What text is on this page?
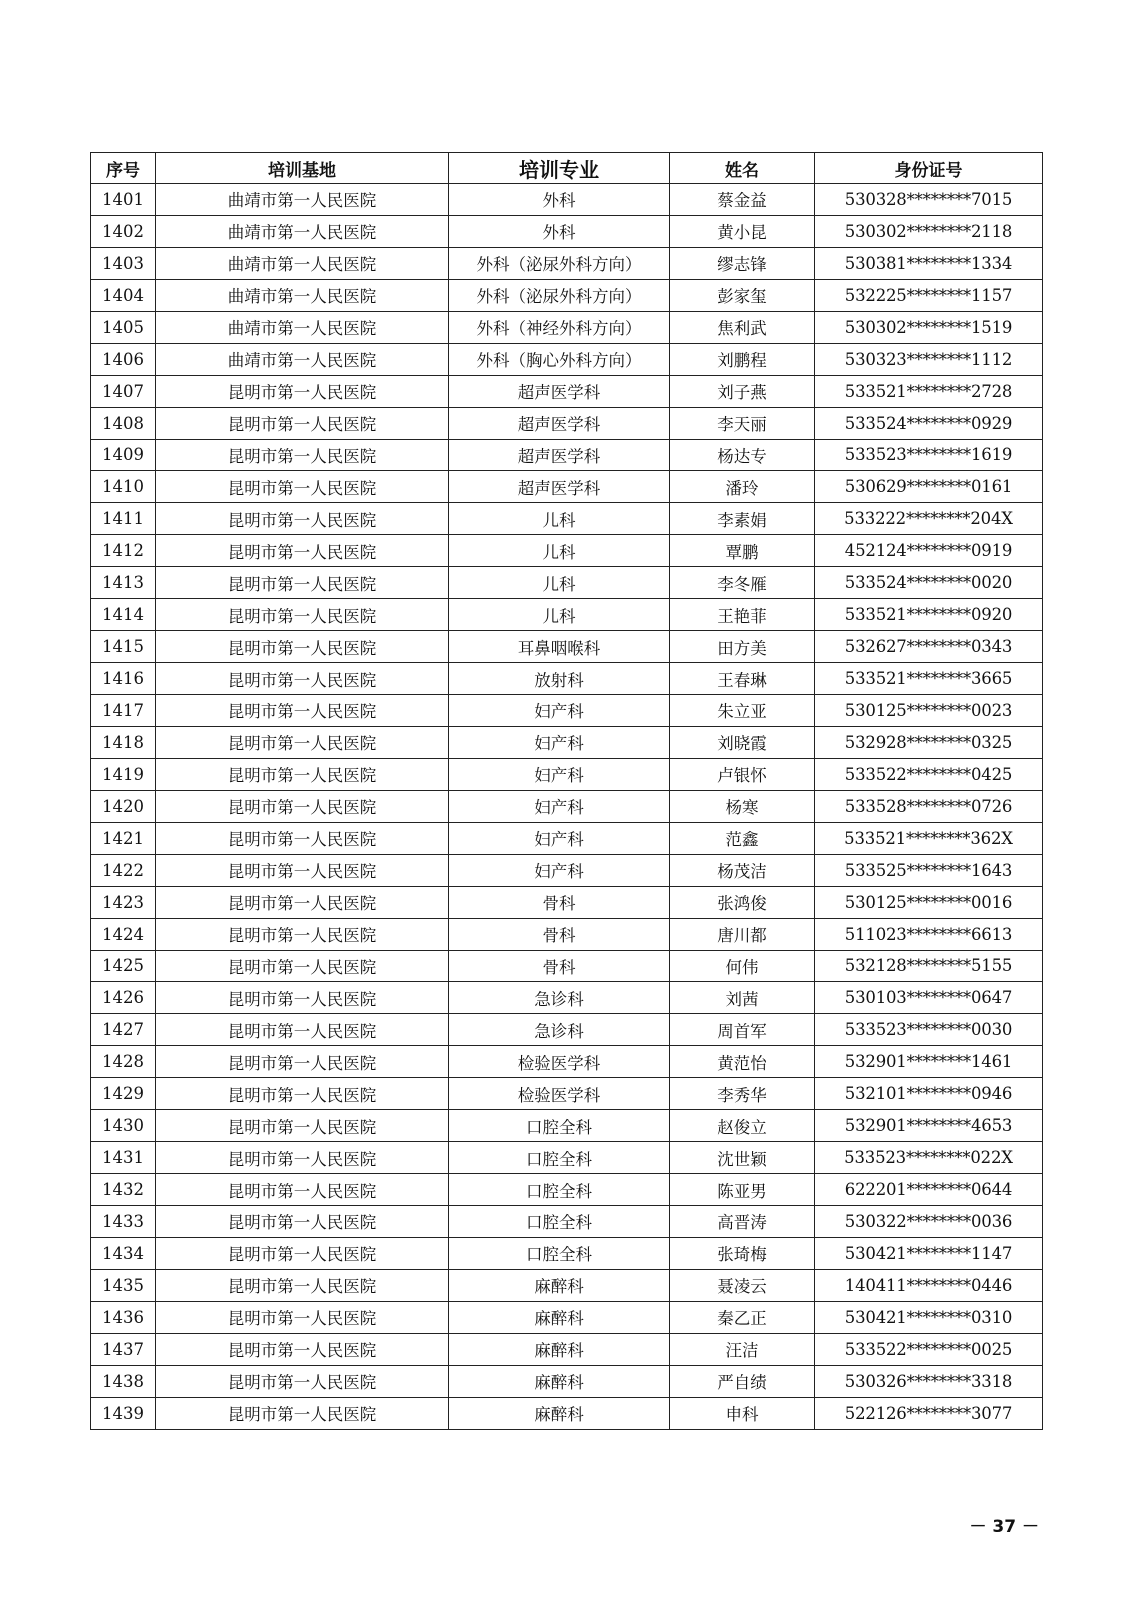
序号	培训基地	培训专业	姓名	身份证号
1401	曲靖市第一人民医院	外科	蔡金益	530328********7015
1402	曲靖市第一人民医院	外科	黄小昆	530302********2118
1403	曲靖市第一人民医院	外科（泌尿外科方向）	缪志锋	530381********1334
1404	曲靖市第一人民医院	外科（泌尿外科方向）	彭家玺	532225********1157
1405	曲靖市第一人民医院	外科（神经外科方向）	焦利武	530302********1519
1406	曲靖市第一人民医院	外科（胸心外科方向）	刘鹏程	530323********1112
1407	昆明市第一人民医院	超声医学科	刘子燕	533521********2728
1408	昆明市第一人民医院	超声医学科	李天丽	533524********0929
1409	昆明市第一人民医院	超声医学科	杨达专	533523********1619
1410	昆明市第一人民医院	超声医学科	潘玲	530629********0161
1411	昆明市第一人民医院	儿科	李素娟	533222********204X
1412	昆明市第一人民医院	儿科	覃鹏	452124********0919
1413	昆明市第一人民医院	儿科	李冬雁	533524********0020
1414	昆明市第一人民医院	儿科	王艳菲	533521********0920
1415	昆明市第一人民医院	耳鼻咽喉科	田方美	532627********0343
1416	昆明市第一人民医院	放射科	王春琳	533521********3665
1417	昆明市第一人民医院	妇产科	朱立亚	530125********0023
1418	昆明市第一人民医院	妇产科	刘晓霞	532928********0325
1419	昆明市第一人民医院	妇产科	卢银怀	533522********0425
1420	昆明市第一人民医院	妇产科	杨寒	533528********0726
1421	昆明市第一人民医院	妇产科	范鑫	533521********362X
1422	昆明市第一人民医院	妇产科	杨茂洁	533525********1643
1423	昆明市第一人民医院	骨科	张鸿俊	530125********0016
1424	昆明市第一人民医院	骨科	唐川都	511023********6613
1425	昆明市第一人民医院	骨科	何伟	532128********5155
1426	昆明市第一人民医院	急诊科	刘茜	530103********0647
1427	昆明市第一人民医院	急诊科	周首军	533523********0030
1428	昆明市第一人民医院	检验医学科	黄范怡	532901********1461
1429	昆明市第一人民医院	检验医学科	李秀华	532101********0946
1430	昆明市第一人民医院	口腔全科	赵俊立	532901********4653
1431	昆明市第一人民医院	口腔全科	沈世颖	533523********022X
1432	昆明市第一人民医院	口腔全科	陈亚男	622201********0644
1433	昆明市第一人民医院	口腔全科	高晋涛	530322********0036
1434	昆明市第一人民医院	口腔全科	张琦梅	530421********1147
1435	昆明市第一人民医院	麻醉科	聂凌云	140411********0446
1436	昆明市第一人民医院	麻醉科	秦乙正	530421********0310
1437	昆明市第一人民医院	麻醉科	汪洁	533522********0025
1438	昆明市第一人民医院	麻醉科	严自绩	530326********3318
1439	昆明市第一人民医院	麻醉科	申科	522126********3077
－ 37 －
